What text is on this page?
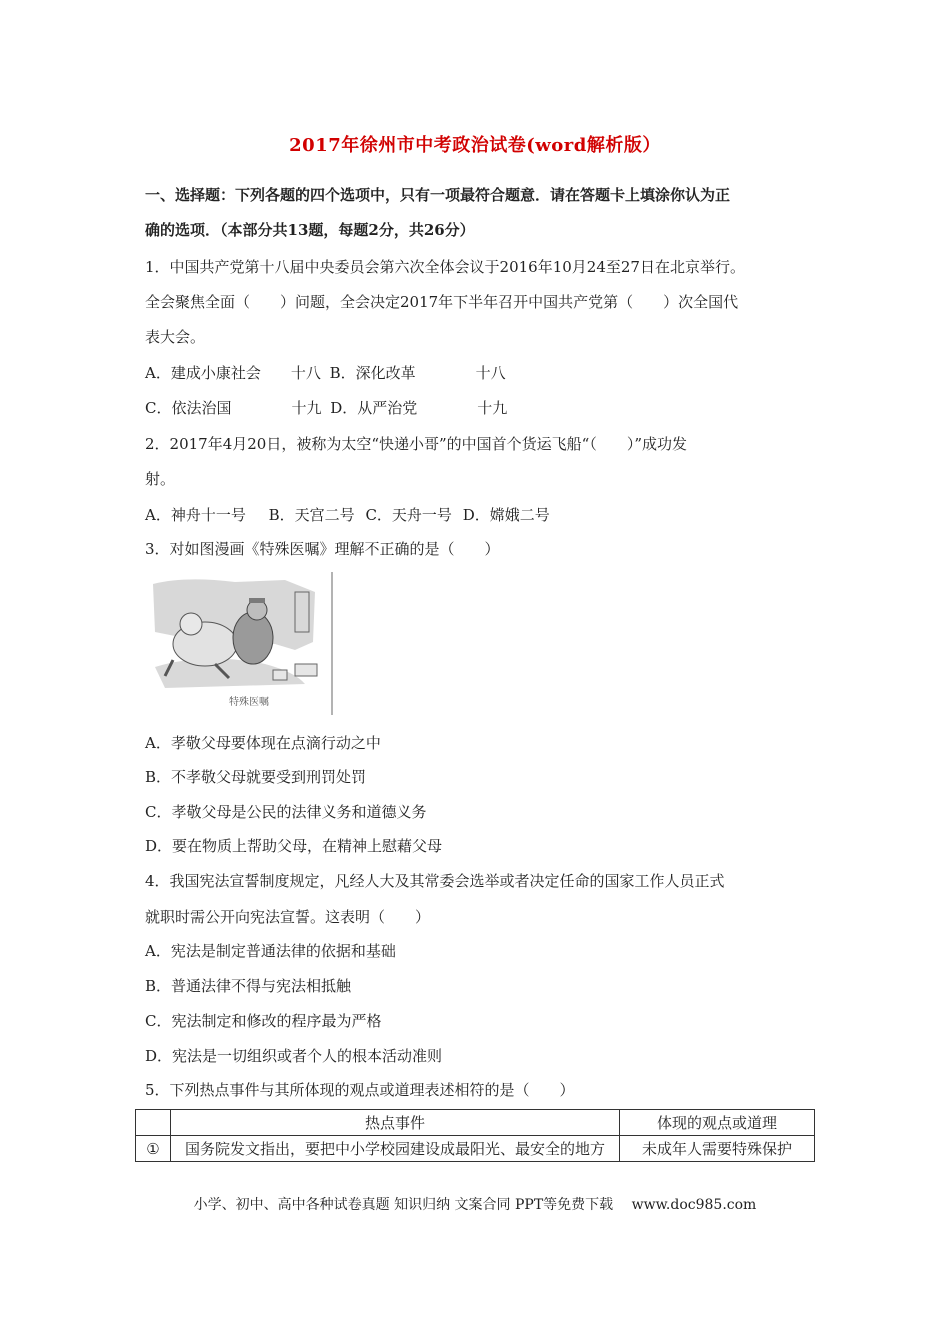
2017年徐州市中考政治试卷(word解析版）
一、选择题：下列各题的四个选项中，只有一项最符合题意．请在答题卡上填涂你认为正
确的选项．（本部分共13题，每题2分，共26分）
1．中国共产党第十八届中央委员会第六次全体会议于2016年10月24至27日在北京举行。
全会聚焦全面（　　）问题，全会决定2017年下半年召开中国共产党第（　　）次全国代
表大会。
A．建成小康社会　　十八 B．深化改革　　　　十八
C．依法治国　　　　十九 D．从严治党　　　　十九
2．2017年4月20日，被称为太空“快递小哥”的中国首个货运飞船“（　　）”成功发
射。
A．神舟十一号 B．天宫二号 C．天舟一号 D．嫦娥二号
3．对如图漫画《特殊医嘱》理解不正确的是（　　）
特殊医嘱
A．孝敬父母要体现在点滴行动之中
B．不孝敬父母就要受到刑罚处罚
C．孝敬父母是公民的法律义务和道德义务
D．要在物质上帮助父母，在精神上慰藉父母
4．我国宪法宣誓制度规定，凡经人大及其常委会选举或者决定任命的国家工作人员正式
就职时需公开向宪法宣誓。这表明（　　）
A．宪法是制定普通法律的依据和基础
B．普通法律不得与宪法相抵触
C．宪法制定和修改的程序最为严格
D．宪法是一切组织或者个人的根本活动准则
5．下列热点事件与其所体现的观点或道理表述相符的是（　　）
	热点事件	体现的观点或道理
①	国务院发文指出，要把中小学校园建设成最阳光、最安全的地方	未成年人需要特殊保护
小学、初中、高中各种试卷真题 知识归纳 文案合同 PPT等免费下载　 www.doc985.com
